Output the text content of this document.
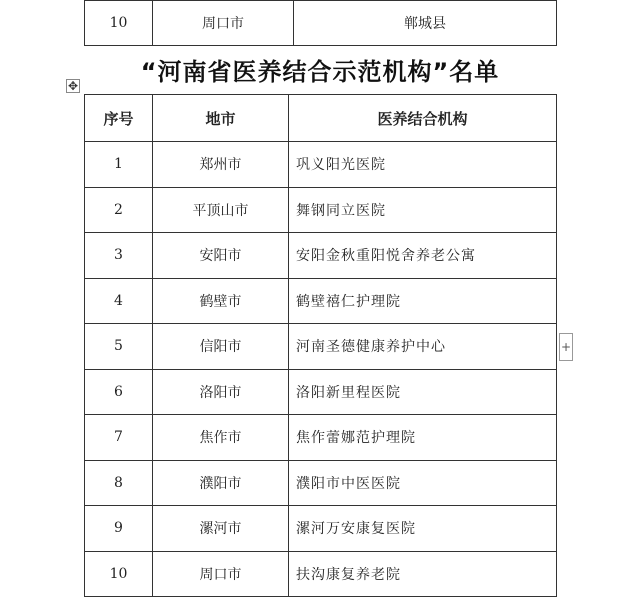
10	周口市	郸城县
“河南省医养结合示范机构”名单
✥
序号	地市	医养结合机构
1	郑州市	巩义阳光医院
2	平顶山市	舞钢同立医院
3	安阳市	安阳金秋重阳悦舍养老公寓
4	鹤壁市	鹤壁禧仁护理院
5	信阳市	河南圣德健康养护中心
6	洛阳市	洛阳新里程医院
7	焦作市	焦作蕾娜范护理院
8	濮阳市	濮阳市中医医院
9	漯河市	漯河万安康复医院
10	周口市	扶沟康复养老院
+
